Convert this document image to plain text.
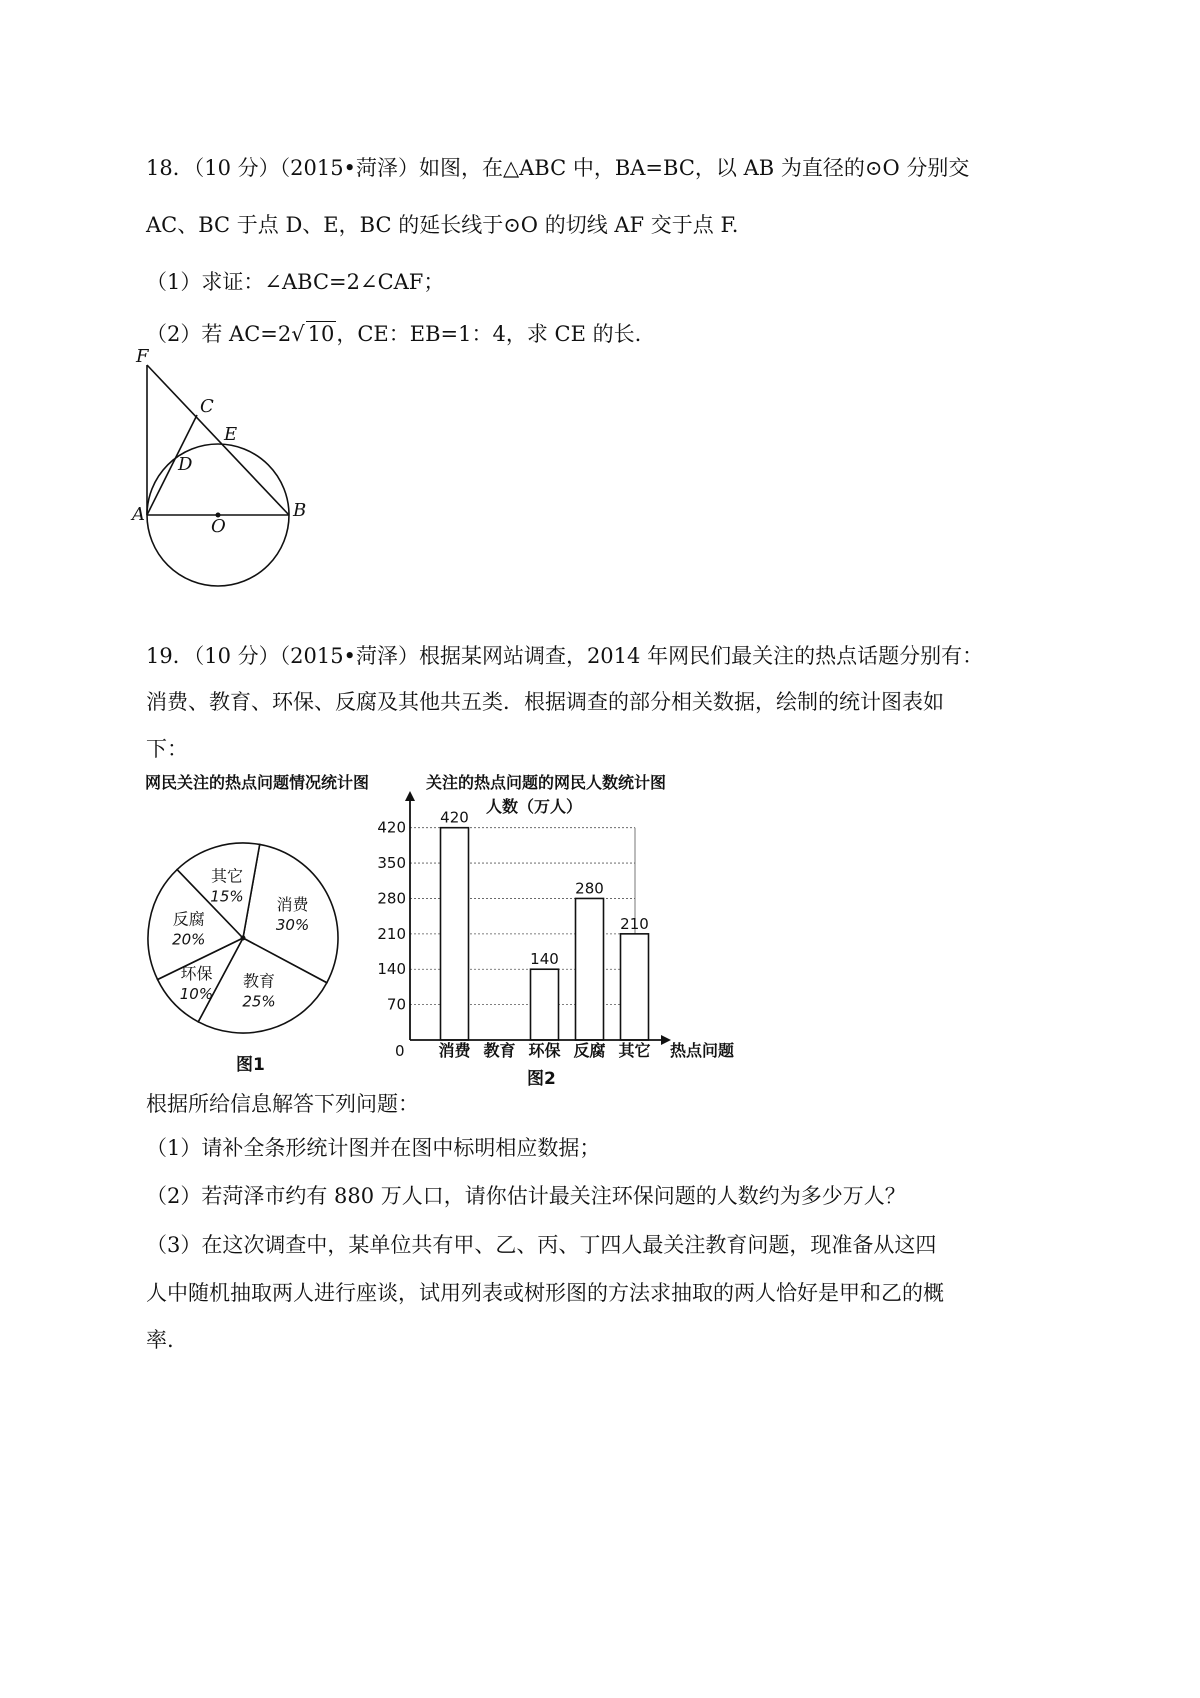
18．（10 分）（2015•菏泽）如图，在△ABC 中，BA=BC，以 AB 为直径的⊙O 分别交
AC、BC 于点 D、E，BC 的延长线于⊙O 的切线 AF 交于点 F.
（1）求证：∠ABC=2∠CAF；
（2）若 AC=2√ 10，CE：EB=1：4，求 CE 的长.
F
C
E
D
A
O
B
19．（10 分）（2015•菏泽）根据某网站调查，2014 年网民们最关注的热点话题分别有：
消费、教育、环保、反腐及其他共五类．根据调查的部分相关数据，绘制的统计图表如
下：
网民关注的热点问题情况统计图
消费
30%
教育
25%
环保
10%
反腐
20%
其它
15%
图1
关注的热点问题的网民人数统计图
人数（万人）
420
140
280
210
70
140
210
280
350
420
消费 教育 环保 反腐 其它
0	热点问题
图2
根据所给信息解答下列问题：
（1）请补全条形统计图并在图中标明相应数据；
（2）若菏泽市约有 880 万人口，请你估计最关注环保问题的人数约为多少万人？
（3）在这次调查中，某单位共有甲、乙、丙、丁四人最关注教育问题，现准备从这四
人中随机抽取两人进行座谈，试用列表或树形图的方法求抽取的两人恰好是甲和乙的概
率.
